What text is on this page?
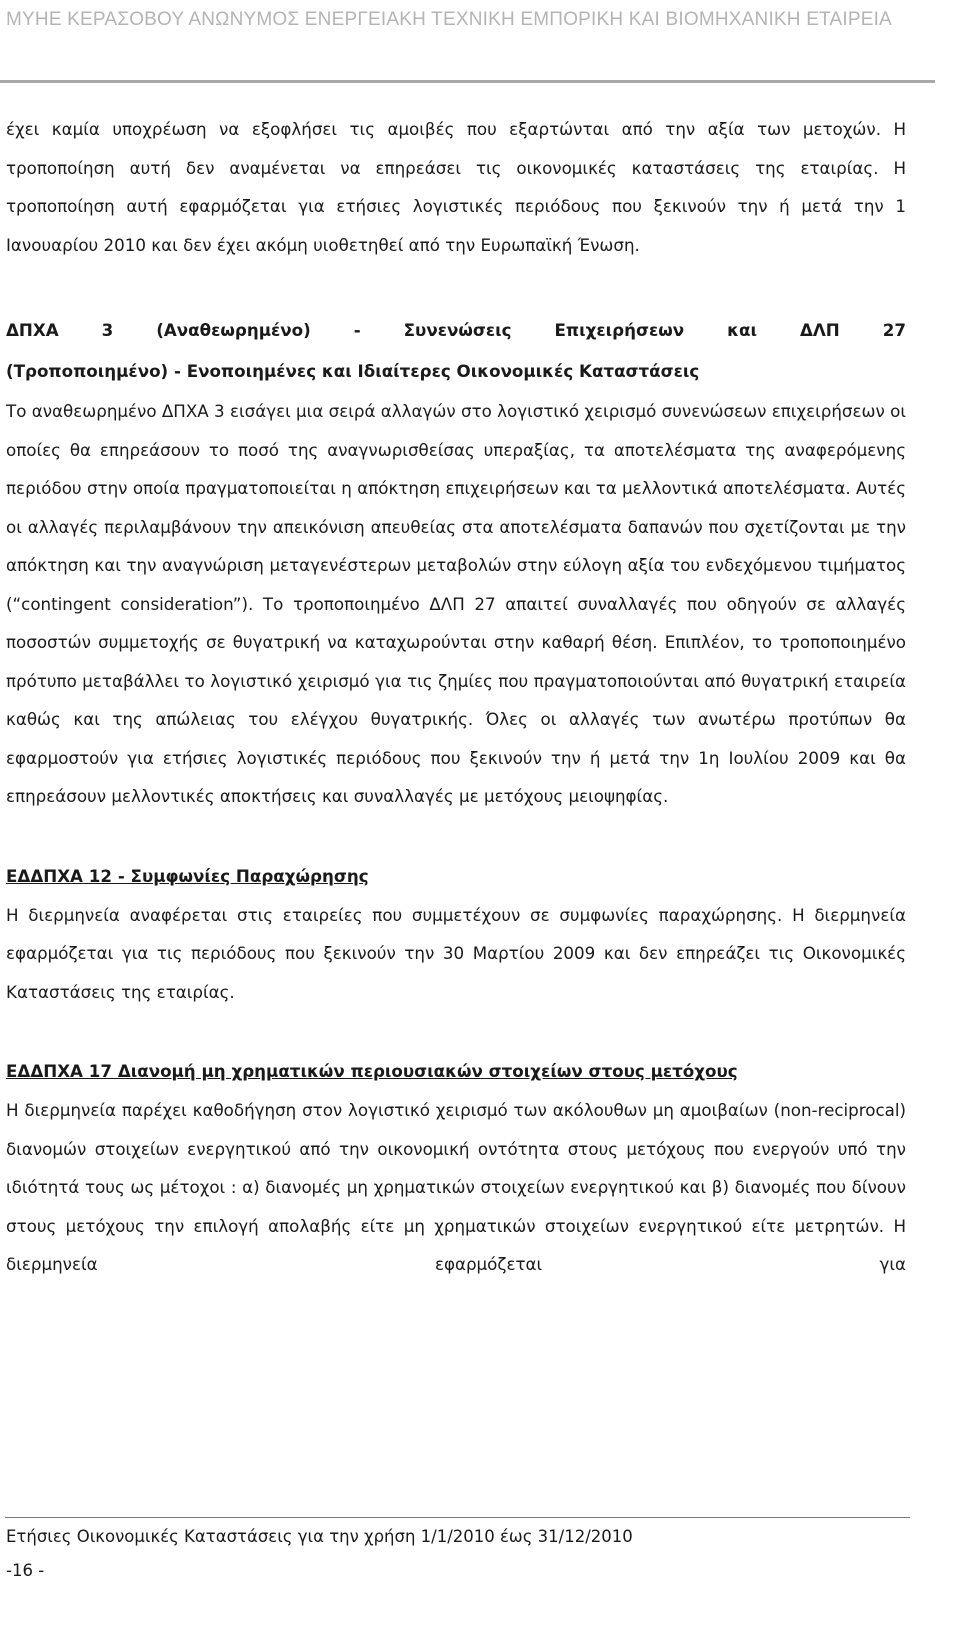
ΜΥΗΕ ΚΕΡΑΣΟΒΟΥ ΑΝΩΝΥΜΟΣ ΕΝΕΡΓΕΙΑΚΗ ΤΕΧΝΙΚΗ ΕΜΠΟΡΙΚΗ ΚΑΙ ΒΙΟΜΗΧΑΝΙΚΗ ΕΤΑΙΡΕΙΑ

έχει καμία υποχρέωση να εξοφλήσει τις αμοιβές που εξαρτώνται από την αξία των μετοχών. Η τροποποίηση αυτή δεν αναμένεται να επηρεάσει τις οικονομικές καταστάσεις της εταιρίας. Η τροποποίηση αυτή εφαρμόζεται για ετήσιες λογιστικές περιόδους που ξεκινούν την ή μετά την 1 Ιανουαρίου 2010 και δεν έχει ακόμη υιοθετηθεί από την Ευρωπαϊκή Ένωση.

ΔΠΧΑ 3 (Αναθεωρημένο) - Συνενώσεις Επιχειρήσεων και ΔΛΠ 27
(Τροποποιημένο) - Ενοποιημένες και Ιδιαίτερες Οικονομικές Καταστάσεις

Το αναθεωρημένο ΔΠΧΑ 3 εισάγει μια σειρά αλλαγών στο λογιστικό χειρισμό συνενώσεων επιχειρήσεων οι οποίες θα επηρεάσουν το ποσό της αναγνωρισθείσας υπεραξίας, τα αποτελέσματα της αναφερόμενης περιόδου στην οποία πραγματοποιείται η απόκτηση επιχειρήσεων και τα μελλοντικά αποτελέσματα. Αυτές οι αλλαγές περιλαμβάνουν την απεικόνιση απευθείας στα αποτελέσματα δαπανών που σχετίζονται με την απόκτηση και την αναγνώριση μεταγενέστερων μεταβολών στην εύλογη αξία του ενδεχόμενου τιμήματος (“contingent consideration”). Το τροποποιημένο ΔΛΠ 27 απαιτεί συναλλαγές που οδηγούν σε αλλαγές ποσοστών συμμετοχής σε θυγατρική να καταχωρούνται στην καθαρή θέση. Επιπλέον, το τροποποιημένο πρότυπο μεταβάλλει το λογιστικό χειρισμό για τις ζημίες που πραγματοποιούνται από θυγατρική εταιρεία καθώς και της απώλειας του ελέγχου θυγατρικής. Όλες οι αλλαγές των ανωτέρω προτύπων θα εφαρμοστούν για ετήσιες λογιστικές περιόδους που ξεκινούν την ή μετά την 1η Ιουλίου 2009 και θα επηρεάσουν μελλοντικές αποκτήσεις και συναλλαγές με μετόχους μειοψηφίας.

ΕΔΔΠΧΑ 12 - Συμφωνίες Παραχώρησης

Η διερμηνεία αναφέρεται στις εταιρείες που συμμετέχουν σε συμφωνίες παραχώρησης. Η διερμηνεία εφαρμόζεται για τις περιόδους που ξεκινούν την 30 Μαρτίου 2009 και δεν επηρεάζει τις Οικονομικές Καταστάσεις της εταιρίας.

ΕΔΔΠΧΑ 17 Διανομή μη χρηματικών περιουσιακών στοιχείων στους μετόχους

Η διερμηνεία παρέχει καθοδήγηση στον λογιστικό χειρισμό των ακόλουθων μη αμοιβαίων (non-reciprocal) διανομών στοιχείων ενεργητικού από την οικονομική οντότητα στους μετόχους που ενεργούν υπό την ιδιότητά τους ως μέτοχοι : α) διανομές μη χρηματικών στοιχείων ενεργητικού και β) διανομές που δίνουν στους μετόχους την επιλογή απολαβής είτε μη χρηματικών στοιχείων ενεργητικού είτε μετρητών. Η διερμηνεία εφαρμόζεται για

Ετήσιες Οικονομικές Καταστάσεις για την χρήση 1/1/2010 έως 31/12/2010
-16 -
